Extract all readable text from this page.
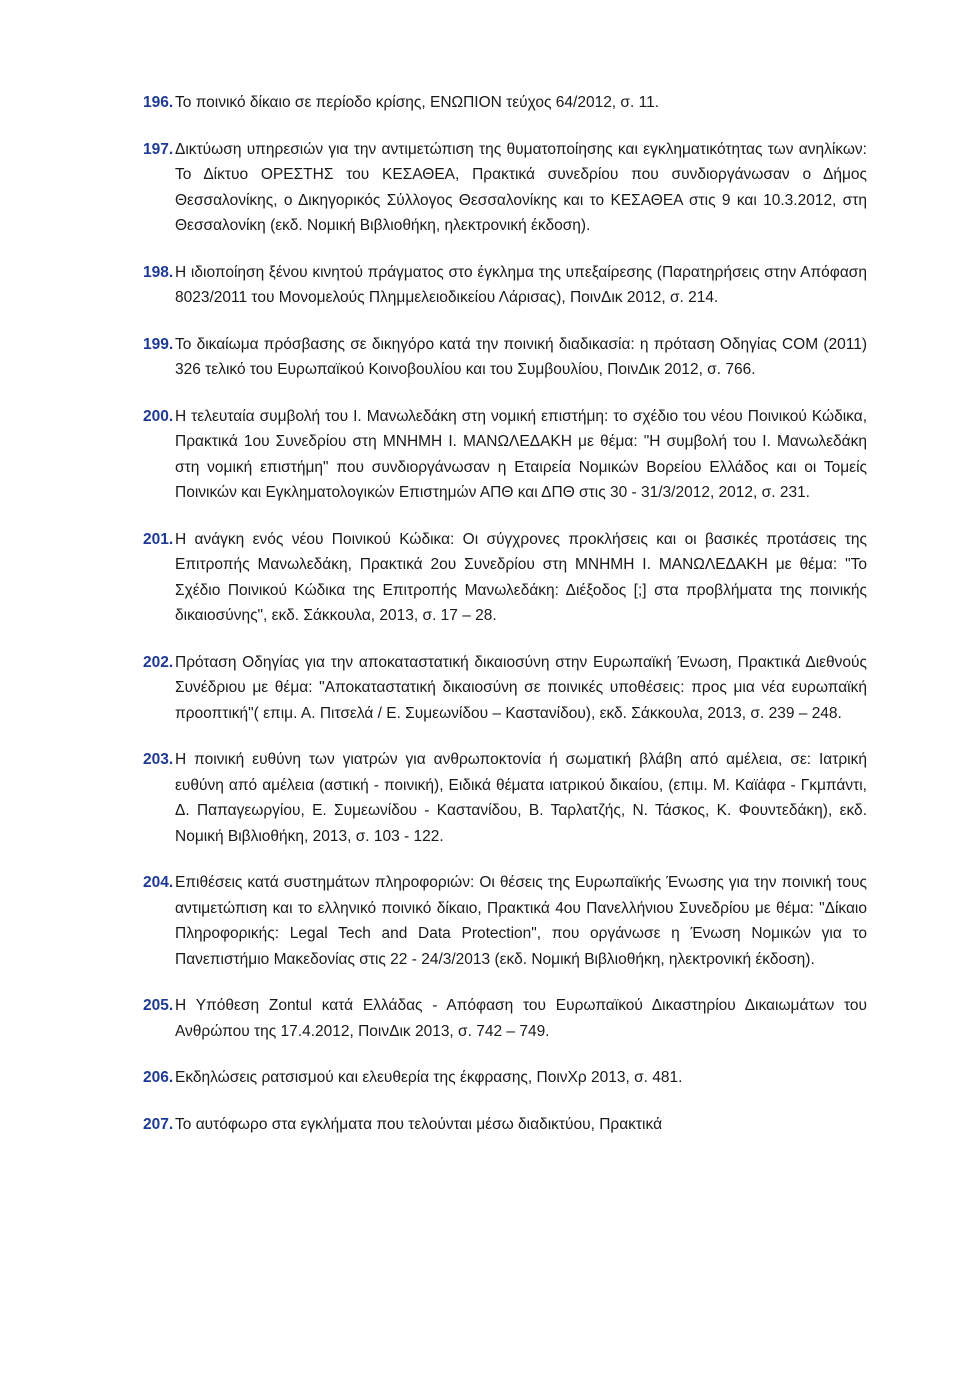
196. Το ποινικό δίκαιο σε περίοδο κρίσης, ΕΝΩΠΙΟΝ τεύχος 64/2012, σ. 11.
197. Δικτύωση υπηρεσιών για την αντιμετώπιση της θυματοποίησης και εγκληματικότητας των ανηλίκων: Το Δίκτυο ΟΡΕΣΤΗΣ του ΚΕΣΑΘΕΑ, Πρακτικά συνεδρίου που συνδιοργάνωσαν ο Δήμος Θεσσαλονίκης, ο Δικηγορικός Σύλλογος Θεσσαλονίκης και το ΚΕΣΑΘΕΑ στις 9 και 10.3.2012, στη Θεσσαλονίκη (εκδ. Νομική Βιβλιοθήκη, ηλεκτρονική έκδοση).
198. Η ιδιοποίηση ξένου κινητού πράγματος στο έγκλημα της υπεξαίρεσης (Παρατηρήσεις στην Απόφαση 8023/2011 του Μονομελούς Πλημμελειοδικείου Λάρισας), ΠοινΔικ 2012, σ. 214.
199. Το δικαίωμα πρόσβασης σε δικηγόρο κατά την ποινική διαδικασία: η πρόταση Οδηγίας COM (2011) 326 τελικό του Ευρωπαϊκού Κοινοβουλίου και του Συμβουλίου, ΠοινΔικ 2012, σ. 766.
200. Η τελευταία συμβολή του Ι. Μανωλεδάκη στη νομική επιστήμη: το σχέδιο του νέου Ποινικού Κώδικα, Πρακτικά 1ου Συνεδρίου στη ΜΝΗΜΗ Ι. ΜΑΝΩΛΕΔΑΚΗ με θέμα: "Η συμβολή του Ι. Μανωλεδάκη στη νομική επιστήμη" που συνδιοργάνωσαν η Εταιρεία Νομικών Βορείου Ελλάδος και οι Τομείς Ποινικών και Εγκληματολογικών Επιστημών ΑΠΘ και ΔΠΘ στις 30 - 31/3/2012, 2012, σ. 231.
201. Η ανάγκη ενός νέου Ποινικού Κώδικα: Οι σύγχρονες προκλήσεις και οι βασικές προτάσεις της Επιτροπής Μανωλεδάκη, Πρακτικά 2ου Συνεδρίου στη ΜΝΗΜΗ Ι. ΜΑΝΩΛΕΔΑΚΗ με θέμα: "Το Σχέδιο Ποινικού Κώδικα της Επιτροπής Μανωλεδάκη: Διέξοδος [;] στα προβλήματα της ποινικής δικαιοσύνης", εκδ. Σάκκουλα, 2013, σ. 17 – 28.
202. Πρόταση Οδηγίας για την αποκαταστατική δικαιοσύνη στην Ευρωπαϊκή Ένωση, Πρακτικά Διεθνούς Συνέδριου με θέμα: "Αποκαταστατική δικαιοσύνη σε ποινικές υποθέσεις: προς μια νέα ευρωπαϊκή προοπτική"( επιμ. Α. Πιτσελά / Ε. Συμεωνίδου – Καστανίδου), εκδ. Σάκκουλα, 2013, σ. 239 – 248.
203. Η ποινική ευθύνη των γιατρών για ανθρωποκτονία ή σωματική βλάβη από αμέλεια, σε: Ιατρική ευθύνη από αμέλεια (αστική - ποινική), Ειδικά θέματα ιατρικού δικαίου, (επιμ. Μ. Καϊάφα - Γκμπάντι, Δ. Παπαγεωργίου, Ε. Συμεωνίδου - Καστανίδου, Β. Ταρλατζής, Ν. Τάσκος, Κ. Φουντεδάκη), εκδ. Νομική Βιβλιοθήκη, 2013, σ. 103 - 122.
204. Επιθέσεις κατά συστημάτων πληροφοριών: Οι θέσεις της Ευρωπαϊκής Ένωσης για την ποινική τους αντιμετώπιση και το ελληνικό ποινικό δίκαιο, Πρακτικά 4ου Πανελλήνιου Συνεδρίου με θέμα: "Δίκαιο Πληροφορικής: Legal Tech and Data Protection", που οργάνωσε η Ένωση Νομικών για το Πανεπιστήμιο Μακεδονίας στις 22 - 24/3/2013 (εκδ. Νομική Βιβλιοθήκη, ηλεκτρονική έκδοση).
205. Η Υπόθεση Zontul κατά Ελλάδας - Απόφαση του Ευρωπαϊκού Δικαστηρίου Δικαιωμάτων του Ανθρώπου της 17.4.2012, ΠοινΔικ 2013, σ. 742 – 749.
206. Εκδηλώσεις ρατσισμού και ελευθερία της έκφρασης, ΠοινΧρ 2013, σ. 481.
207. Το αυτόφωρο στα εγκλήματα που τελούνται μέσω διαδικτύου, Πρακτικά
